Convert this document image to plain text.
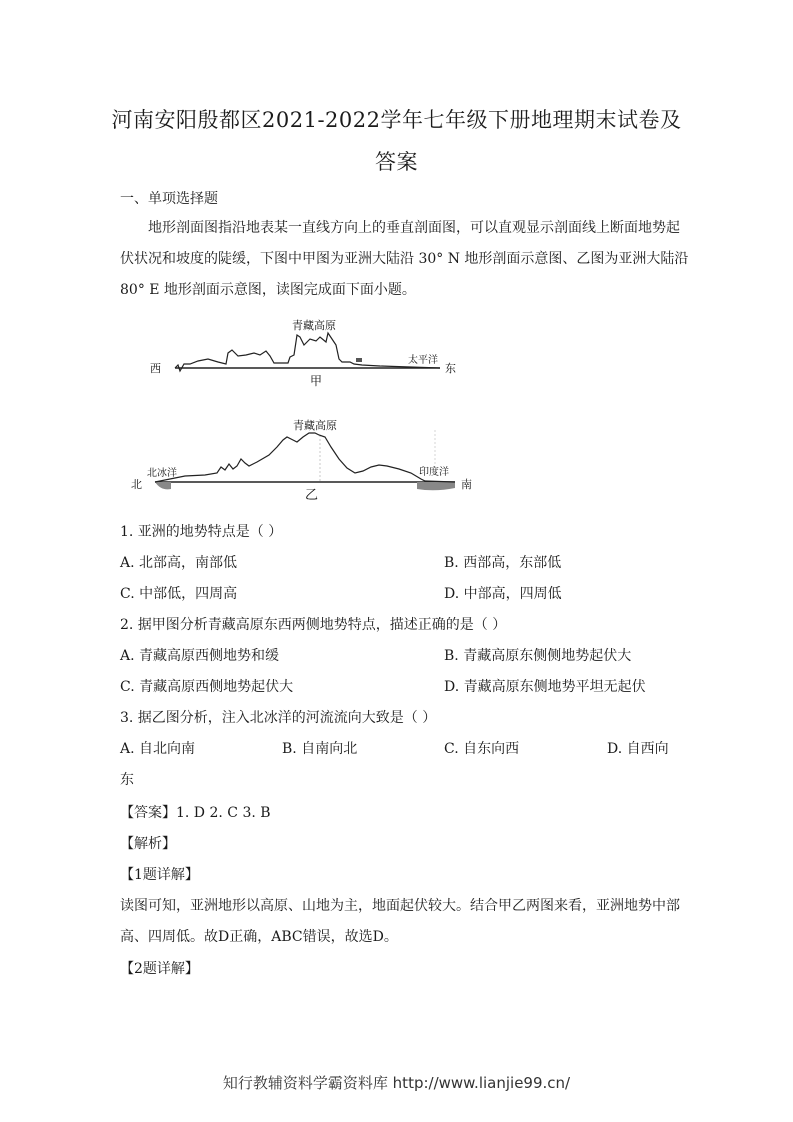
河南安阳殷都区2021-2022学年七年级下册地理期末试卷及
答案
一、单项选择题
地形剖面图指沿地表某一直线方向上的垂直剖面图，可以直观显示剖面线上断面地势起
伏状况和坡度的陡缓，下图中甲图为亚洲大陆沿 30° N 地形剖面示意图、乙图为亚洲大陆沿
80° E 地形剖面示意图，读图完成面下面小题。
青藏高原
西
太平洋
东
甲
青藏高原
北冰洋	印度洋
北	南
乙
1. 亚洲的地势特点是（ ）
A. 北部高，南部低	B. 西部高，东部低
C. 中部低，四周高	D. 中部高，四周低
2. 据甲图分析青藏高原东西两侧地势特点，描述正确的是（ ）
A. 青藏高原西侧地势和缓	B. 青藏高原东侧侧地势起伏大
C. 青藏高原西侧地势起伏大	D. 青藏高原东侧地势平坦无起伏
3. 据乙图分析，注入北冰洋的河流流向大致是（ ）
A. 自北向南	B. 自南向北	C. 自东向西	D. 自西向
东
【答案】1. D 2. C 3. B
【解析】
【1题详解】
读图可知，亚洲地形以高原、山地为主，地面起伏较大。结合甲乙两图来看，亚洲地势中部
高、四周低。故D正确，ABC错误，故选D。
【2题详解】
知行教辅资料学霸资料库 http://www.lianjie99.cn/
